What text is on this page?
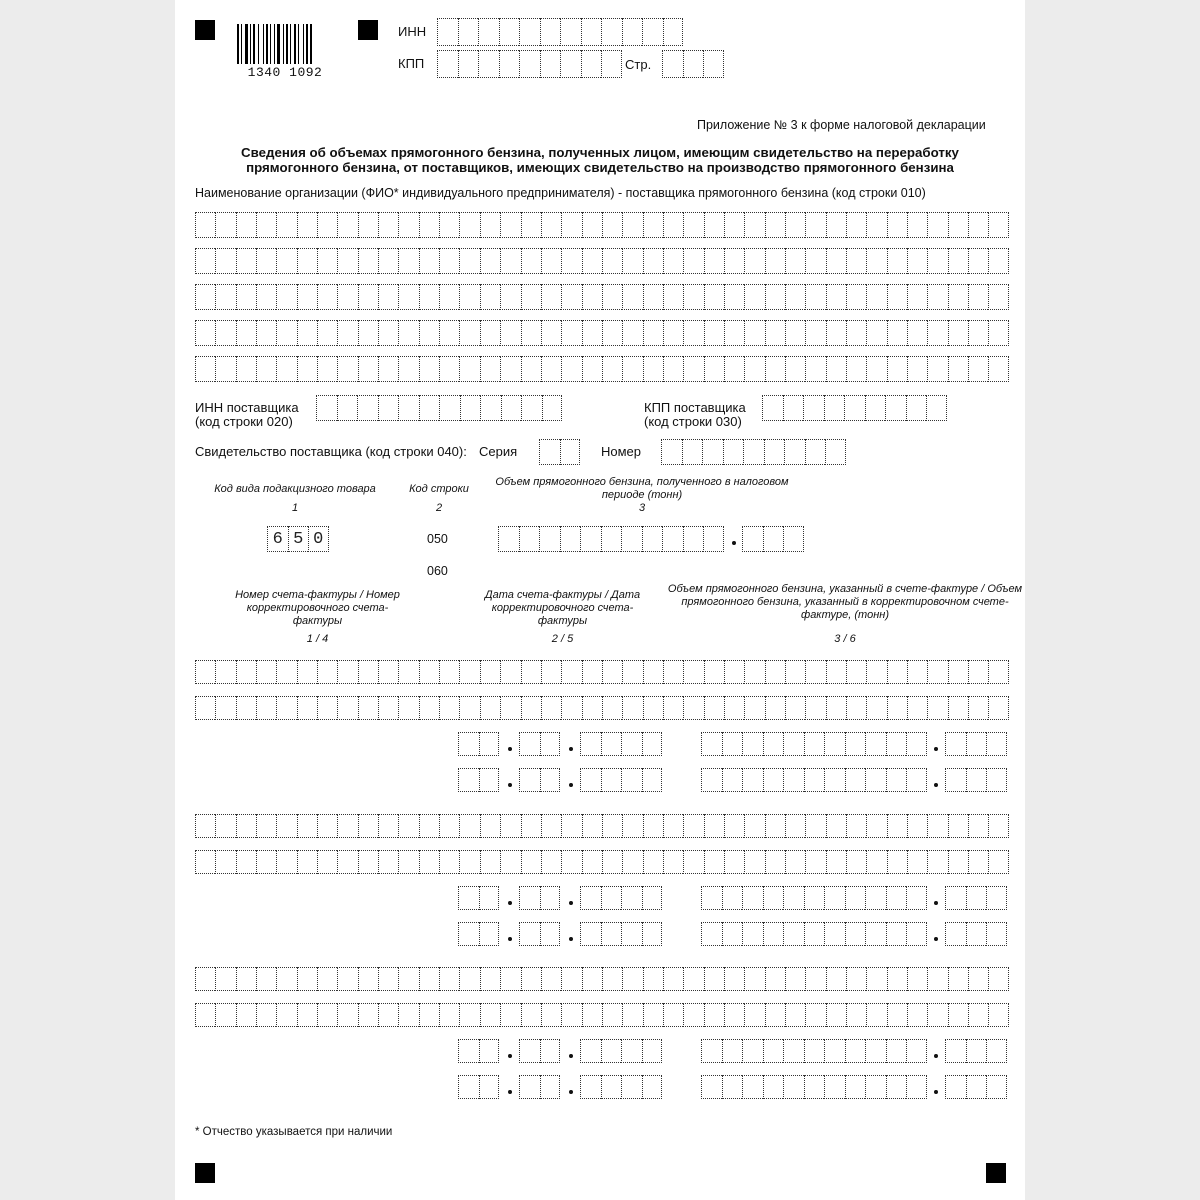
1340 1092
ИНН
КПП	Стр.
Приложение № 3 к форме налоговой декларации
Сведения об объемах прямогонного бензина, полученных лицом, имеющим свидетельство на переработку прямогонного бензина, от поставщиков, имеющих свидетельство на производство прямогонного бензина
Наименование организации (ФИО* индивидуального предпринимателя) - поставщика прямогонного бензина (код строки 010)
ИНН поставщика
(код строки 020)
КПП поставщика
(код строки 030)
Свидетельство поставщика (код строки 040): Серия	Номер
Код вида подакцизного товара
1
Код строки
2
Объем прямогонного бензина, полученного в налоговом периоде (тонн)
3
050
060
Номер счета-фактуры / Номер корректировочного счета-фактуры
1 / 4
Дата счета-фактуры / Дата корректировочного счета-фактуры
2 / 5
Объем прямогонного бензина, указанный в счете-фактуре / Объем прямогонного бензина, указанный в корректировочном счете-фактуре, (тонн)
3 / 6
* Отчество указывается при наличии
6 5 0
